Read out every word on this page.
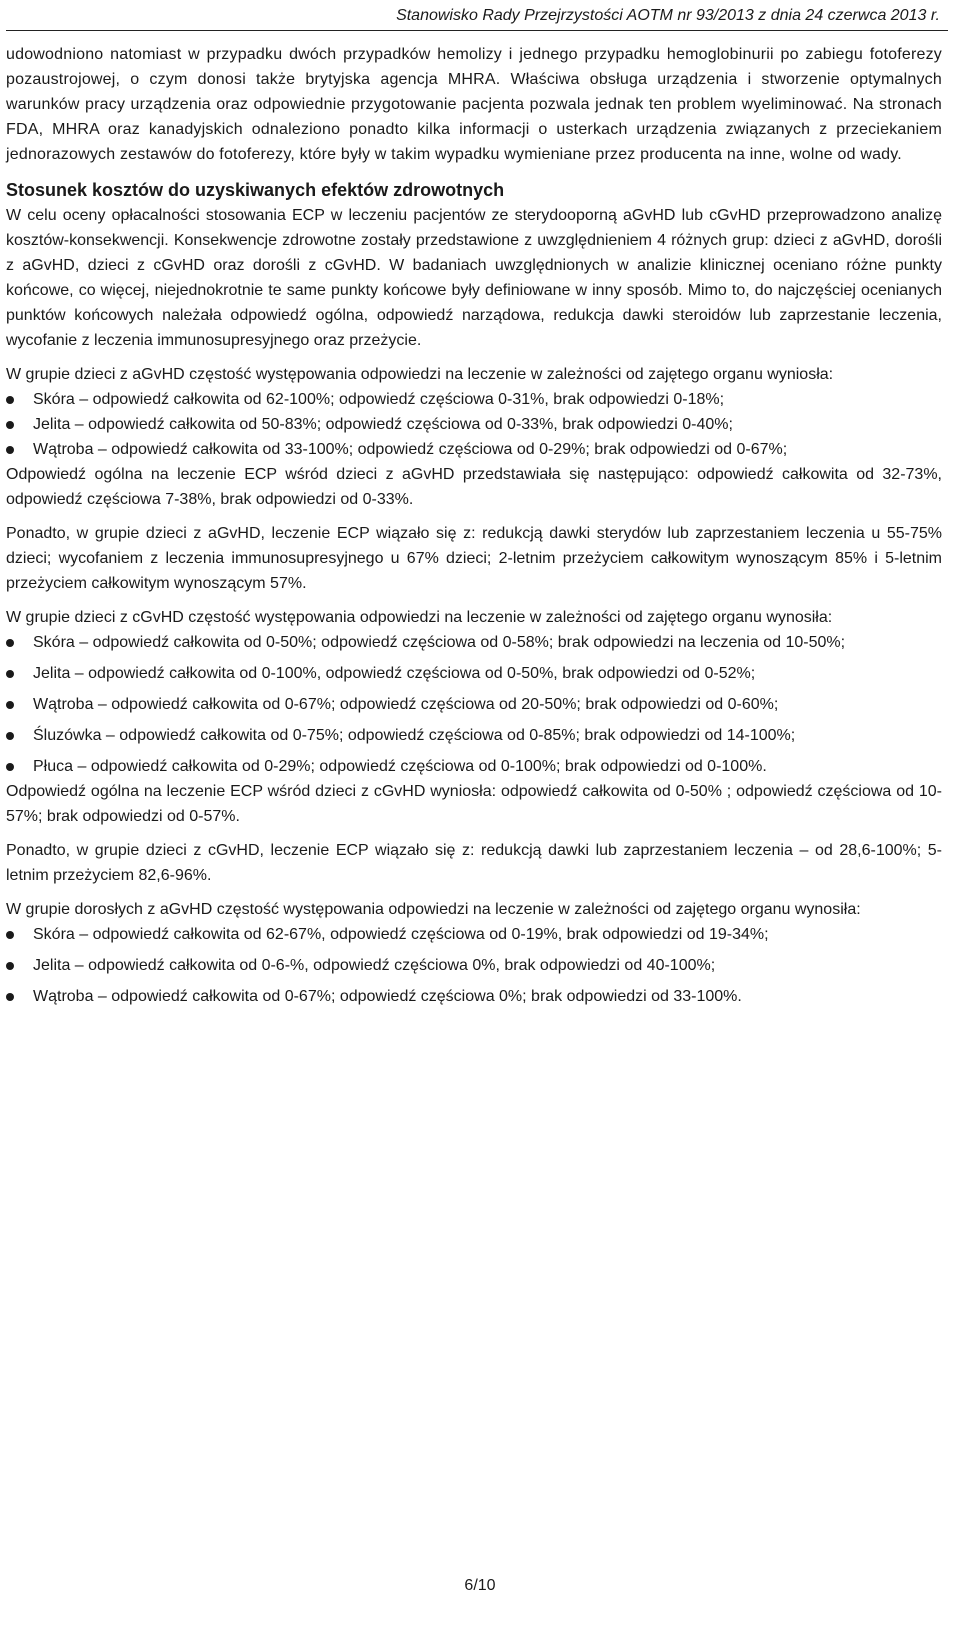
Stanowisko Rady Przejrzystości AOTM nr 93/2013 z dnia 24 czerwca 2013 r.

udowodniono natomiast w przypadku dwóch przypadków hemolizy i jednego przypadku hemoglobinurii po zabiegu fotoferezy pozaustrojowej, o czym donosi także brytyjska agencja MHRA. Właściwa obsługa urządzenia i stworzenie optymalnych warunków pracy urządzenia oraz odpowiednie przygotowanie pacjenta pozwala jednak ten problem wyeliminować. Na stronach FDA, MHRA oraz kanadyjskich odnaleziono ponadto kilka informacji o usterkach urządzenia związanych z przeciekaniem jednorazowych zestawów do fotoferezy, które były w takim wypadku wymieniane przez producenta na inne, wolne od wady.

Stosunek kosztów do uzyskiwanych efektów zdrowotnych

W celu oceny opłacalności stosowania ECP w leczeniu pacjentów ze sterydooporną aGvHD lub cGvHD przeprowadzono analizę kosztów-konsekwencji. Konsekwencje zdrowotne zostały przedstawione z uwzględnieniem 4 różnych grup: dzieci z aGvHD, dorośli z aGvHD, dzieci z cGvHD oraz dorośli z cGvHD. W badaniach uwzględnionych w analizie klinicznej oceniano różne punkty końcowe, co więcej, niejednokrotnie te same punkty końcowe były definiowane w inny sposób. Mimo to, do najczęściej ocenianych punktów końcowych należała odpowiedź ogólna, odpowiedź narządowa, redukcja dawki steroidów lub zaprzestanie leczenia, wycofanie z leczenia immunosupresyjnego oraz przeżycie.

W grupie dzieci z aGvHD częstość występowania odpowiedzi na leczenie w zależności od zajętego organu wyniosła:

Skóra – odpowiedź całkowita od 62-100%; odpowiedź częściowa 0-31%, brak odpowiedzi 0-18%;
Jelita – odpowiedź całkowita od 50-83%; odpowiedź częściowa od 0-33%, brak odpowiedzi 0-40%;
Wątroba – odpowiedź całkowita od 33-100%; odpowiedź częściowa od 0-29%; brak odpowiedzi od 0-67%;

Odpowiedź ogólna na leczenie ECP wśród dzieci z aGvHD przedstawiała się następująco: odpowiedź całkowita od 32-73%, odpowiedź częściowa 7-38%, brak odpowiedzi od 0-33%.

Ponadto, w grupie dzieci z aGvHD, leczenie ECP wiązało się z: redukcją dawki sterydów lub zaprzestaniem leczenia u 55-75% dzieci; wycofaniem z leczenia immunosupresyjnego u 67% dzieci; 2-letnim przeżyciem całkowitym wynoszącym 85% i 5-letnim przeżyciem całkowitym wynoszącym 57%.

W grupie dzieci z cGvHD częstość występowania odpowiedzi na leczenie w zależności od zajętego organu wynosiła:

Skóra – odpowiedź całkowita od 0-50%; odpowiedź częściowa od 0-58%; brak odpowiedzi na leczenia od 10-50%;
Jelita – odpowiedź całkowita od 0-100%, odpowiedź częściowa od 0-50%, brak odpowiedzi od 0-52%;
Wątroba – odpowiedź całkowita od 0-67%; odpowiedź częściowa od 20-50%; brak odpowiedzi od 0-60%;
Śluzówka – odpowiedź całkowita od 0-75%; odpowiedź częściowa od 0-85%; brak odpowiedzi od 14-100%;
Płuca – odpowiedź całkowita od 0-29%; odpowiedź częściowa od 0-100%; brak odpowiedzi od 0-100%.

Odpowiedź ogólna na leczenie ECP wśród dzieci z cGvHD wyniosła: odpowiedź całkowita od 0-50% ; odpowiedź częściowa od 10-57%; brak odpowiedzi od 0-57%.

Ponadto, w grupie dzieci z cGvHD, leczenie ECP wiązało się z: redukcją dawki lub zaprzestaniem leczenia – od 28,6-100%; 5-letnim przeżyciem 82,6-96%.

W grupie dorosłych z aGvHD częstość występowania odpowiedzi na leczenie w zależności od zajętego organu wynosiła:

Skóra – odpowiedź całkowita od 62-67%, odpowiedź częściowa od 0-19%, brak odpowiedzi od 19-34%;
Jelita – odpowiedź całkowita od 0-6-%, odpowiedź częściowa 0%, brak odpowiedzi od 40-100%;
Wątroba – odpowiedź całkowita od 0-67%; odpowiedź częściowa 0%; brak odpowiedzi od 33-100%.
6/10
